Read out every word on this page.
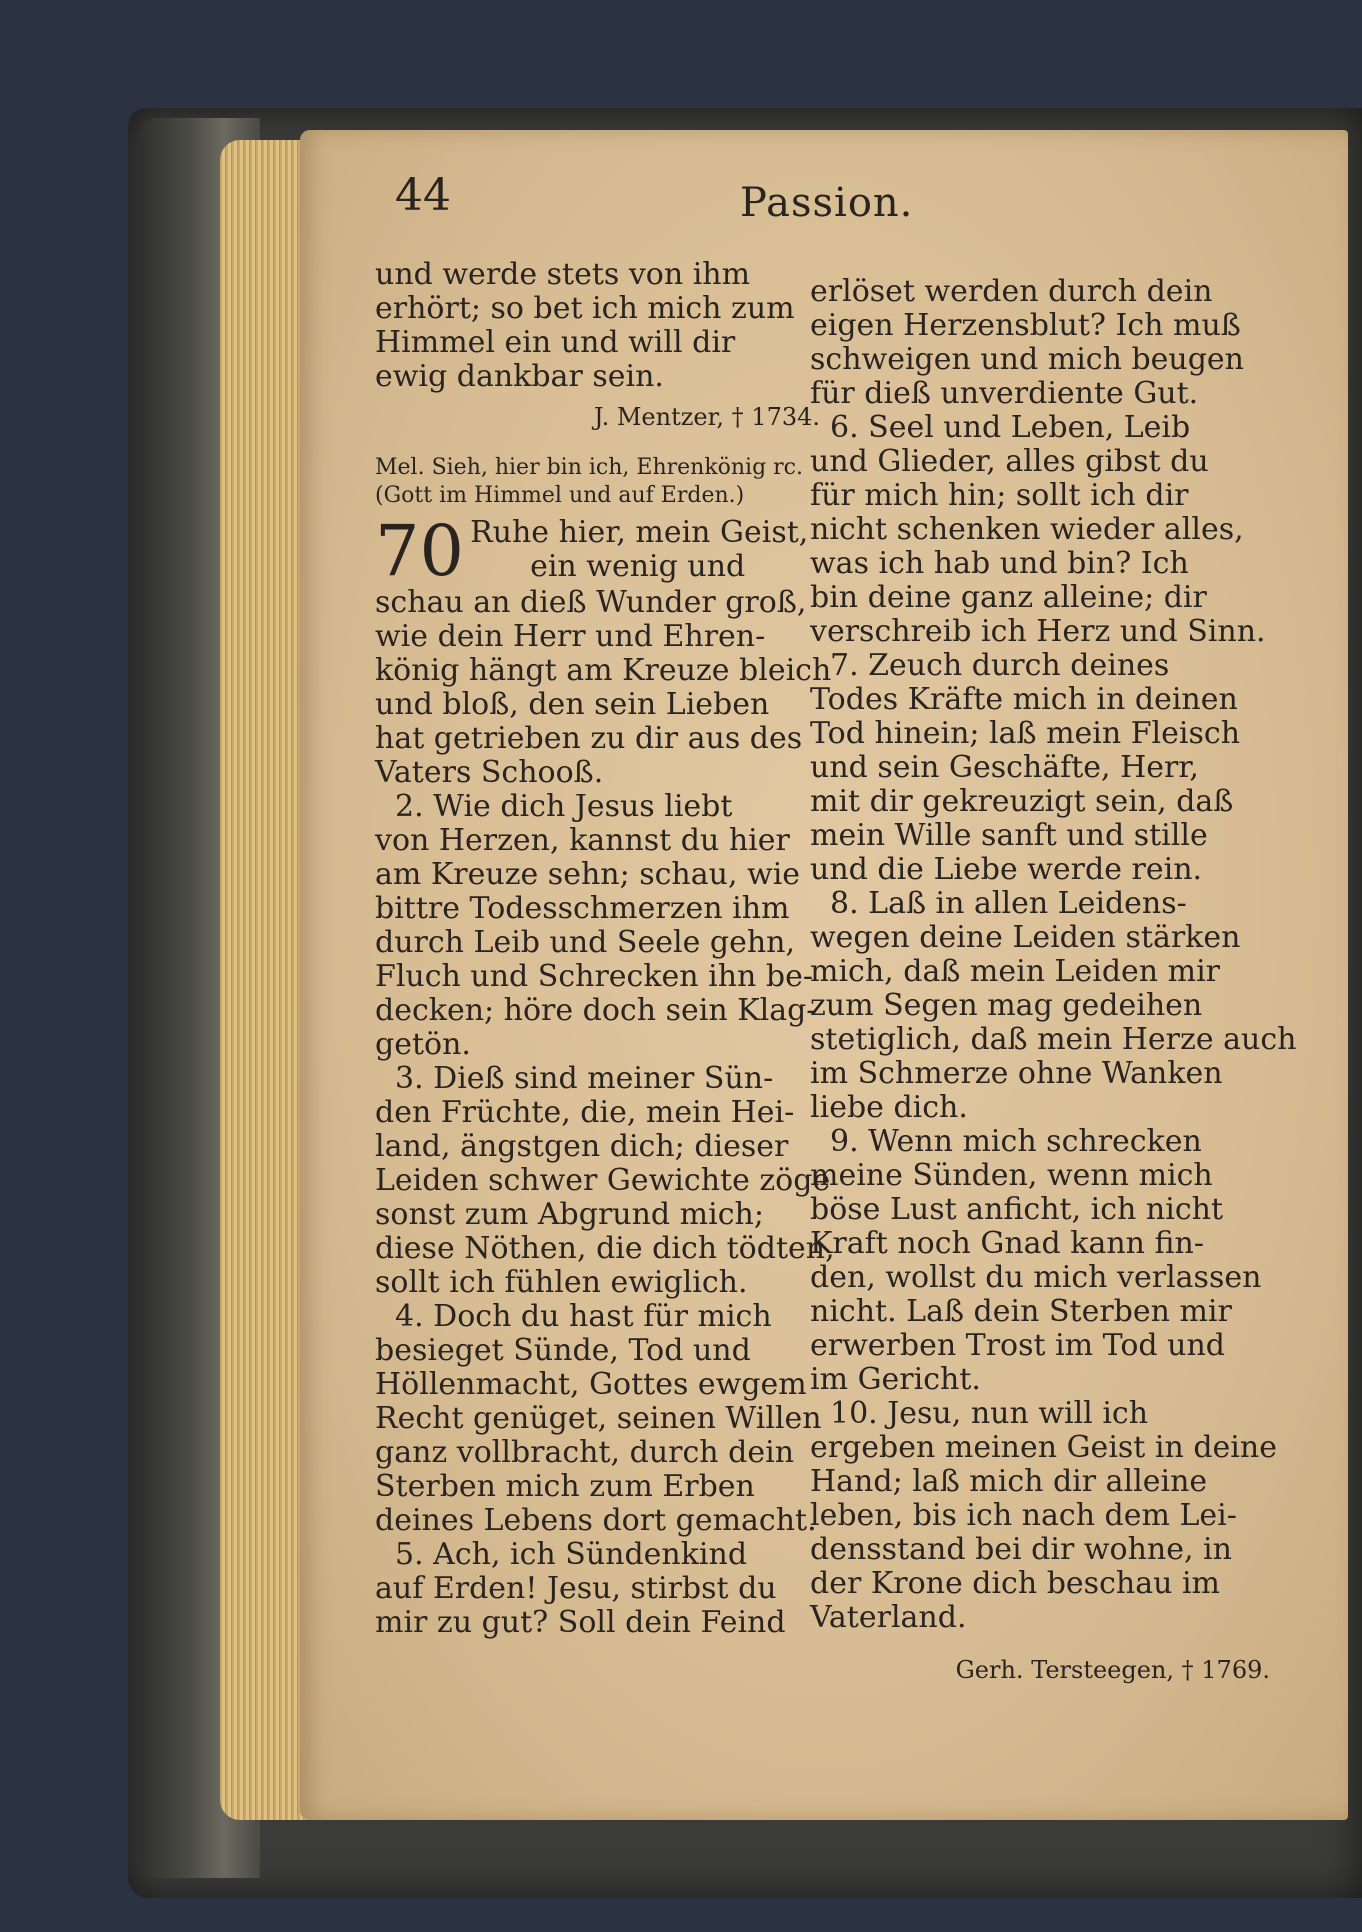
44	Passion.

und werde stets von ihm

erhört; so bet ich mich zum

Himmel ein und will dir

ewig dankbar sein.

J. Mentzer, † 1734.

Mel. Sieh, hier bin ich, Ehrenkönig rc.

(Gott im Himmel und auf Erden.)

70 Ruhe hier, mein Geist,

ein wenig und

schau an dieß Wunder groß,

wie dein Herr und Ehren-

könig hängt am Kreuze bleich

und bloß, den sein Lieben

hat getrieben zu dir aus des

Vaters Schooß.

2. Wie dich Jesus liebt

von Herzen, kannst du hier

am Kreuze sehn; schau, wie

bittre Todesschmerzen ihm

durch Leib und Seele gehn,

Fluch und Schrecken ihn be-

decken; höre doch sein Klag-

getön.

3. Dieß sind meiner Sün-

den Früchte, die, mein Hei-

land, ängstgen dich; dieser

Leiden schwer Gewichte zöge

sonst zum Abgrund mich;

diese Nöthen, die dich tödten,

sollt ich fühlen ewiglich.

4. Doch du hast für mich

besieget Sünde, Tod und

Höllenmacht, Gottes ewgem

Recht genüget, seinen Willen

ganz vollbracht, durch dein

Sterben mich zum Erben

deines Lebens dort gemacht.

5. Ach, ich Sündenkind

auf Erden! Jesu, stirbst du

mir zu gut? Soll dein Feind

erlöset werden durch dein

eigen Herzensblut? Ich muß

schweigen und mich beugen

für dieß unverdiente Gut.

6. Seel und Leben, Leib

und Glieder, alles gibst du

für mich hin; sollt ich dir

nicht schenken wieder alles,

was ich hab und bin? Ich

bin deine ganz alleine; dir

verschreib ich Herz und Sinn.

7. Zeuch durch deines

Todes Kräfte mich in deinen

Tod hinein; laß mein Fleisch

und sein Geschäfte, Herr,

mit dir gekreuzigt sein, daß

mein Wille sanft und stille

und die Liebe werde rein.

8. Laß in allen Leidens-

wegen deine Leiden stärken

mich, daß mein Leiden mir

zum Segen mag gedeihen

stetiglich, daß mein Herze auch

im Schmerze ohne Wanken

liebe dich.

9. Wenn mich schrecken

meine Sünden, wenn mich

böse Lust anficht, ich nicht

Kraft noch Gnad kann fin-

den, wollst du mich verlassen

nicht. Laß dein Sterben mir

erwerben Trost im Tod und

im Gericht.

10. Jesu, nun will ich

ergeben meinen Geist in deine

Hand; laß mich dir alleine

leben, bis ich nach dem Lei-

densstand bei dir wohne, in

der Krone dich beschau im

Vaterland.

Gerh. Tersteegen, † 1769.
